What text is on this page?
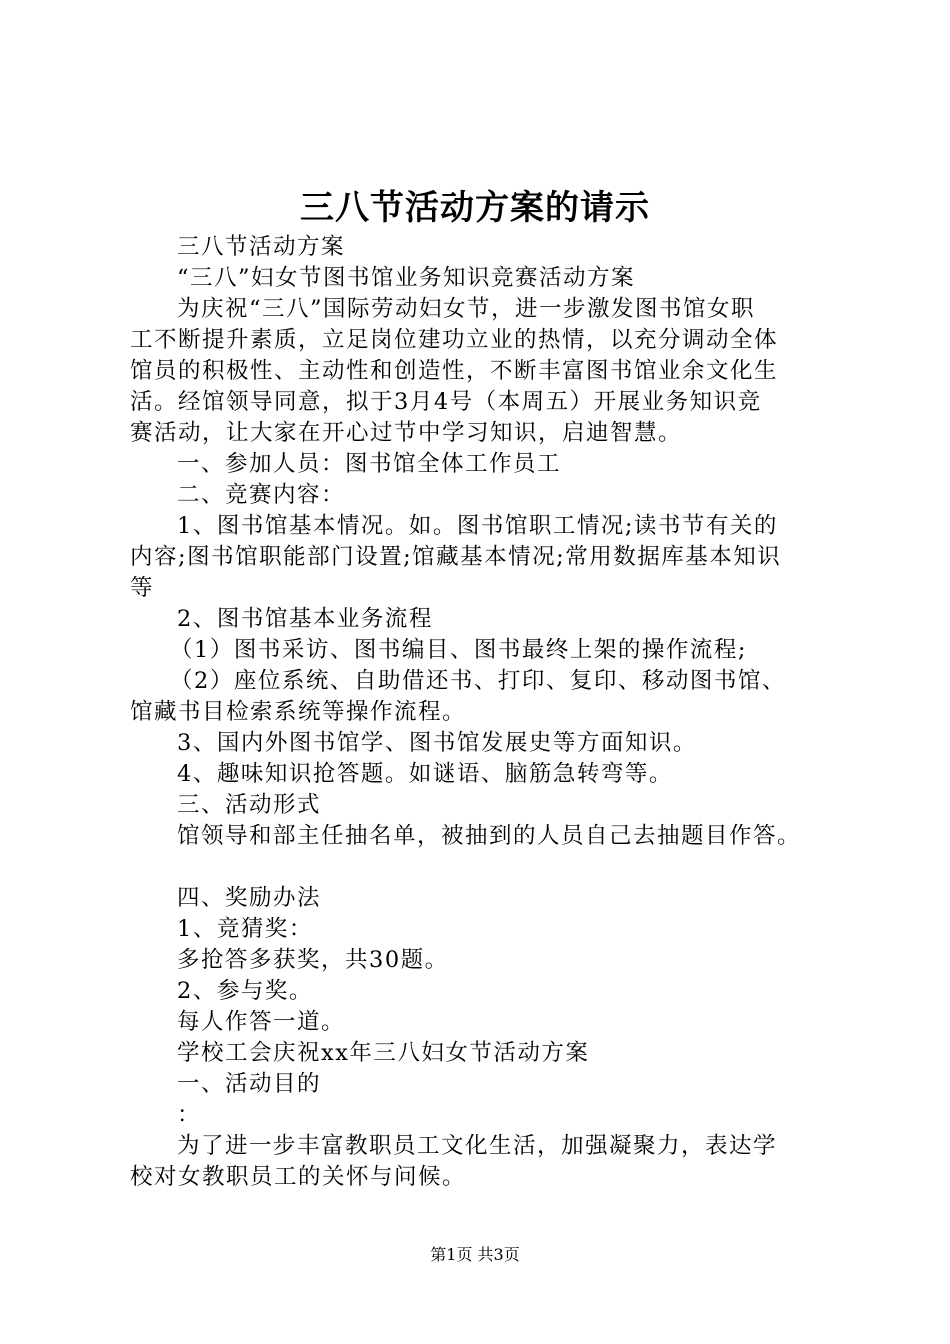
三八节活动方案的请示

三八节活动方案

“三八”妇女节图书馆业务知识竞赛活动方案

为庆祝“三八”国际劳动妇女节，进一步激发图书馆女职

工不断提升素质，立足岗位建功立业的热情，以充分调动全体

馆员的积极性、主动性和创造性，不断丰富图书馆业余文化生

活。经馆领导同意，拟于3月4号（本周五）开展业务知识竞

赛活动，让大家在开心过节中学习知识，启迪智慧。

一、参加人员：图书馆全体工作员工

二、竞赛内容：

1、图书馆基本情况。如。图书馆职工情况;读书节有关的

内容;图书馆职能部门设置;馆藏基本情况;常用数据库基本知识

等

2、图书馆基本业务流程

（1）图书采访、图书编目、图书最终上架的操作流程;

（2）座位系统、自助借还书、打印、复印、移动图书馆、

馆藏书目检索系统等操作流程。

3、国内外图书馆学、图书馆发展史等方面知识。

4、趣味知识抢答题。如谜语、脑筋急转弯等。

三、活动形式

馆领导和部主任抽名单，被抽到的人员自己去抽题目作答。

四、奖励办法

1、竞猜奖：

多抢答多获奖，共30题。

2、参与奖。

每人作答一道。

学校工会庆祝xx年三八妇女节活动方案

一、活动目的

：

为了进一步丰富教职员工文化生活，加强凝聚力，表达学

校对女教职员工的关怀与问候。

第1页 共3页
